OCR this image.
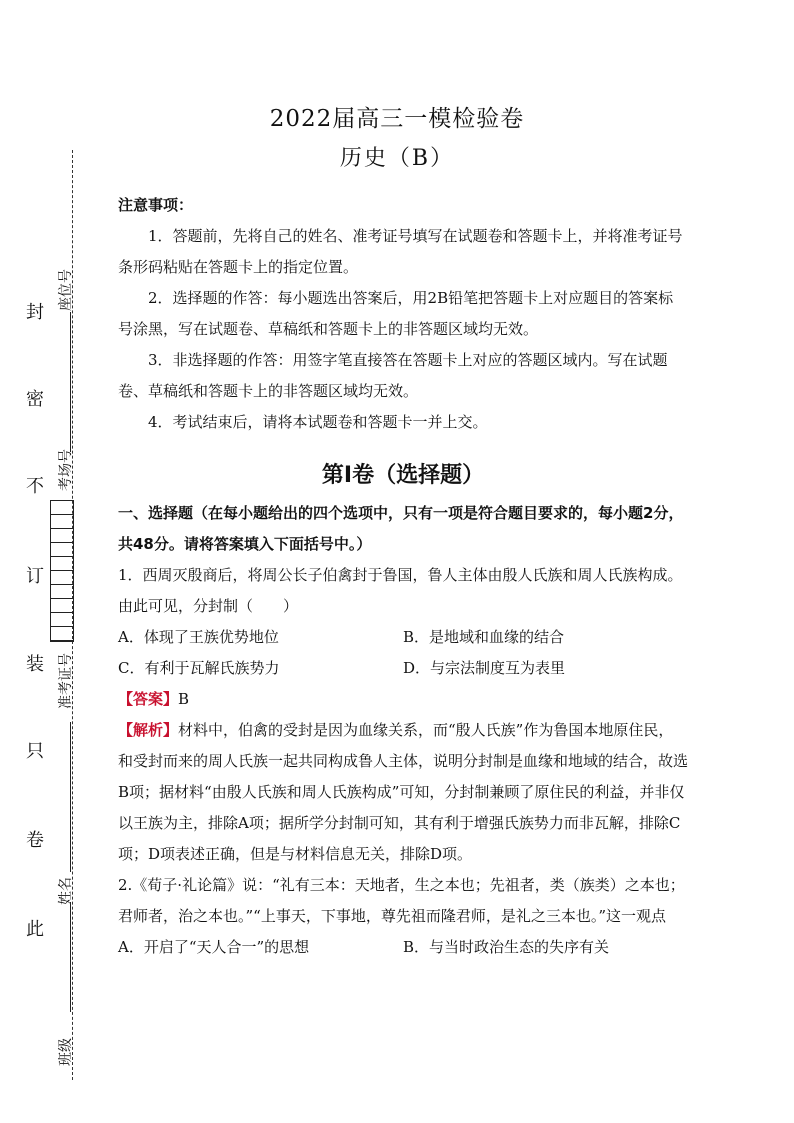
封
密
不
订
装
只
卷
此
座位号
考场号
准考证号
姓名
班级
2022届高三一模检验卷
历史（B）

注意事项：

1．答题前，先将自己的姓名、准考证号填写在试题卷和答题卡上，并将准考证号条形码粘贴在答题卡上的指定位置。

2．选择题的作答：每小题选出答案后，用2B铅笔把答题卡上对应题目的答案标号涂黑，写在试题卷、草稿纸和答题卡上的非答题区域均无效。

3．非选择题的作答：用签字笔直接答在答题卡上对应的答题区域内。写在试题卷、草稿纸和答题卡上的非答题区域均无效。

4．考试结束后，请将本试题卷和答题卡一并上交。

第Ⅰ卷（选择题）

一、选择题（在每小题给出的四个选项中，只有一项是符合题目要求的，每小题2分，共48分。请将答案填入下面括号中。）

1．西周灭殷商后，将周公长子伯禽封于鲁国，鲁人主体由殷人氏族和周人氏族构成。由此可见，分封制（　　）

A．体现了王族优势地位	B．是地域和血缘的结合
C．有利于瓦解氏族势力	D．与宗法制度互为表里

【答案】B

【解析】材料中，伯禽的受封是因为血缘关系，而“殷人氏族”作为鲁国本地原住民，和受封而来的周人氏族一起共同构成鲁人主体，说明分封制是血缘和地域的结合，故选B项；据材料“由殷人氏族和周人氏族构成”可知，分封制兼顾了原住民的利益，并非仅以王族为主，排除A项；据所学分封制可知，其有利于增强氏族势力而非瓦解，排除C项；D项表述正确，但是与材料信息无关，排除D项。

2.《荀子·礼论篇》说：“礼有三本：天地者，生之本也；先祖者，类（族类）之本也；君师者，治之本也。”“上事天，下事地，尊先祖而隆君师，是礼之三本也。”这一观点

A．开启了“天人合一”的思想	B．与当时政治生态的失序有关
